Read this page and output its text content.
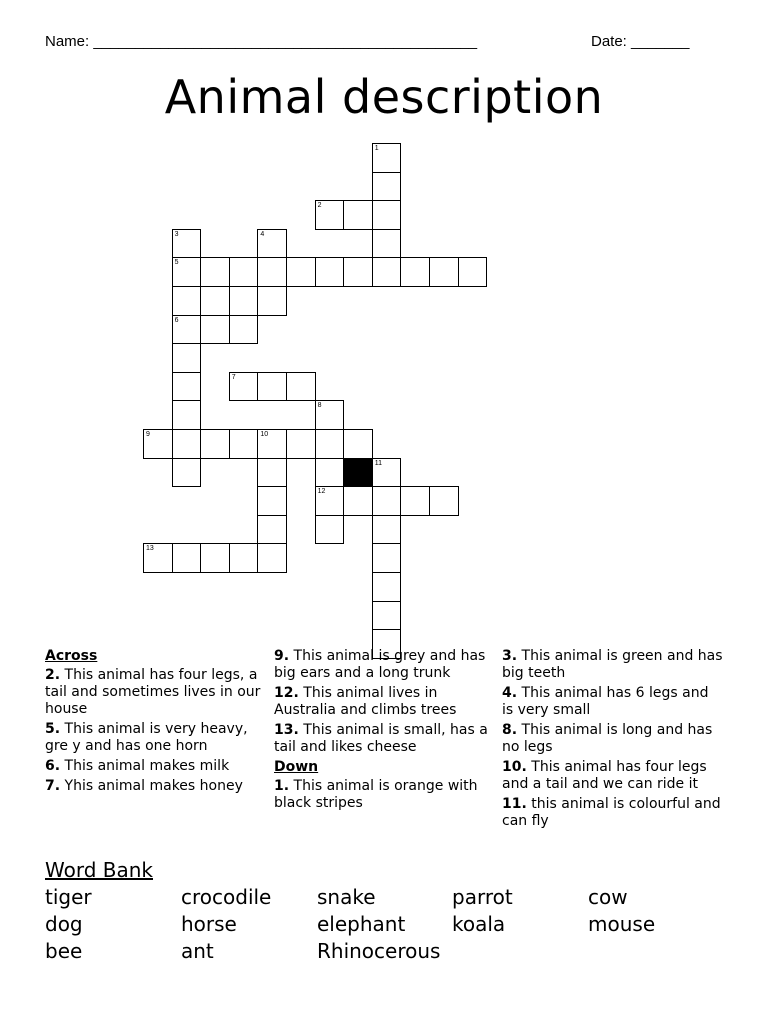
Name: ______________________________________________	Date: _______
Animal description
1
2
3	4
5
6
7
8
9	10
11
12
13
Across
2. This animal has four legs, a tail and sometimes lives in our house
5. This animal is very heavy, gre y and has one horn
6. This animal makes milk
7. Yhis animal makes honey
9. This animal is grey and has big ears and a long trunk
12. This animal lives in Australia and climbs trees
13. This animal is small, has a tail and likes cheese
Down
1. This animal is orange with black stripes
3. This animal is green and has big teeth
4. This animal has 6 legs and is very small
8. This animal is long and has no legs
10. This animal has four legs and a tail and we can ride it
11. this animal is colourful and can fly
Word Bank
tiger	crocodile snake	parrot	cow
dog	horse	elephant koala	mouse
bee	ant	Rhinocerous
